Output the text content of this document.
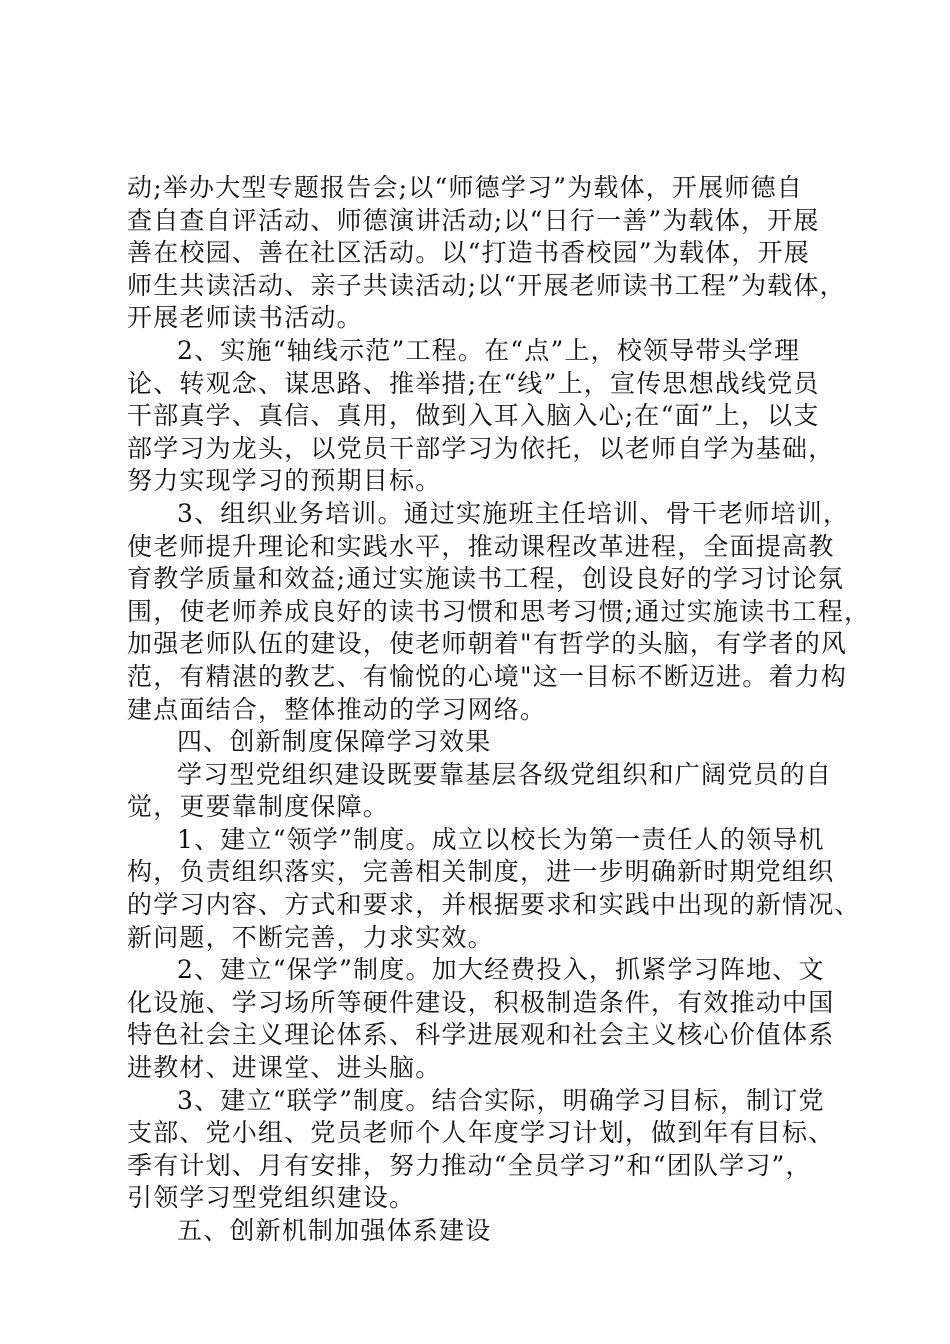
动;举办大型专题报告会;以“师德学习”为载体，开展师德自
查自查自评活动、师德演讲活动;以“日行一善”为载体，开展
善在校园、善在社区活动。以“打造书香校园”为载体，开展
师生共读活动、亲子共读活动;以“开展老师读书工程”为载体，
开展老师读书活动。
2、实施“轴线示范”工程。在“点”上，校领导带头学理
论、转观念、谋思路、推举措;在“线”上，宣传思想战线党员
干部真学、真信、真用，做到入耳入脑入心;在“面”上，以支
部学习为龙头，以党员干部学习为依托，以老师自学为基础，
努力实现学习的预期目标。
3、组织业务培训。通过实施班主任培训、骨干老师培训，
使老师提升理论和实践水平，推动课程改革进程，全面提高教
育教学质量和效益;通过实施读书工程，创设良好的学习讨论氛
围，使老师养成良好的读书习惯和思考习惯;通过实施读书工程，
加强老师队伍的建设，使老师朝着"有哲学的头脑，有学者的风
范，有精湛的教艺、有愉悦的心境"这一目标不断迈进。着力构
建点面结合，整体推动的学习网络。
四、创新制度保障学习效果
学习型党组织建设既要靠基层各级党组织和广阔党员的自
觉，更要靠制度保障。
1、建立“领学”制度。成立以校长为第一责任人的领导机
构，负责组织落实，完善相关制度，进一步明确新时期党组织
的学习内容、方式和要求，并根据要求和实践中出现的新情况、
新问题，不断完善，力求实效。
2、建立“保学”制度。加大经费投入，抓紧学习阵地、文
化设施、学习场所等硬件建设，积极制造条件，有效推动中国
特色社会主义理论体系、科学进展观和社会主义核心价值体系
进教材、进课堂、进头脑。
3、建立“联学”制度。结合实际，明确学习目标，制订党
支部、党小组、党员老师个人年度学习计划，做到年有目标、
季有计划、月有安排，努力推动“全员学习”和“团队学习”，
引领学习型党组织建设。
五、创新机制加强体系建设
